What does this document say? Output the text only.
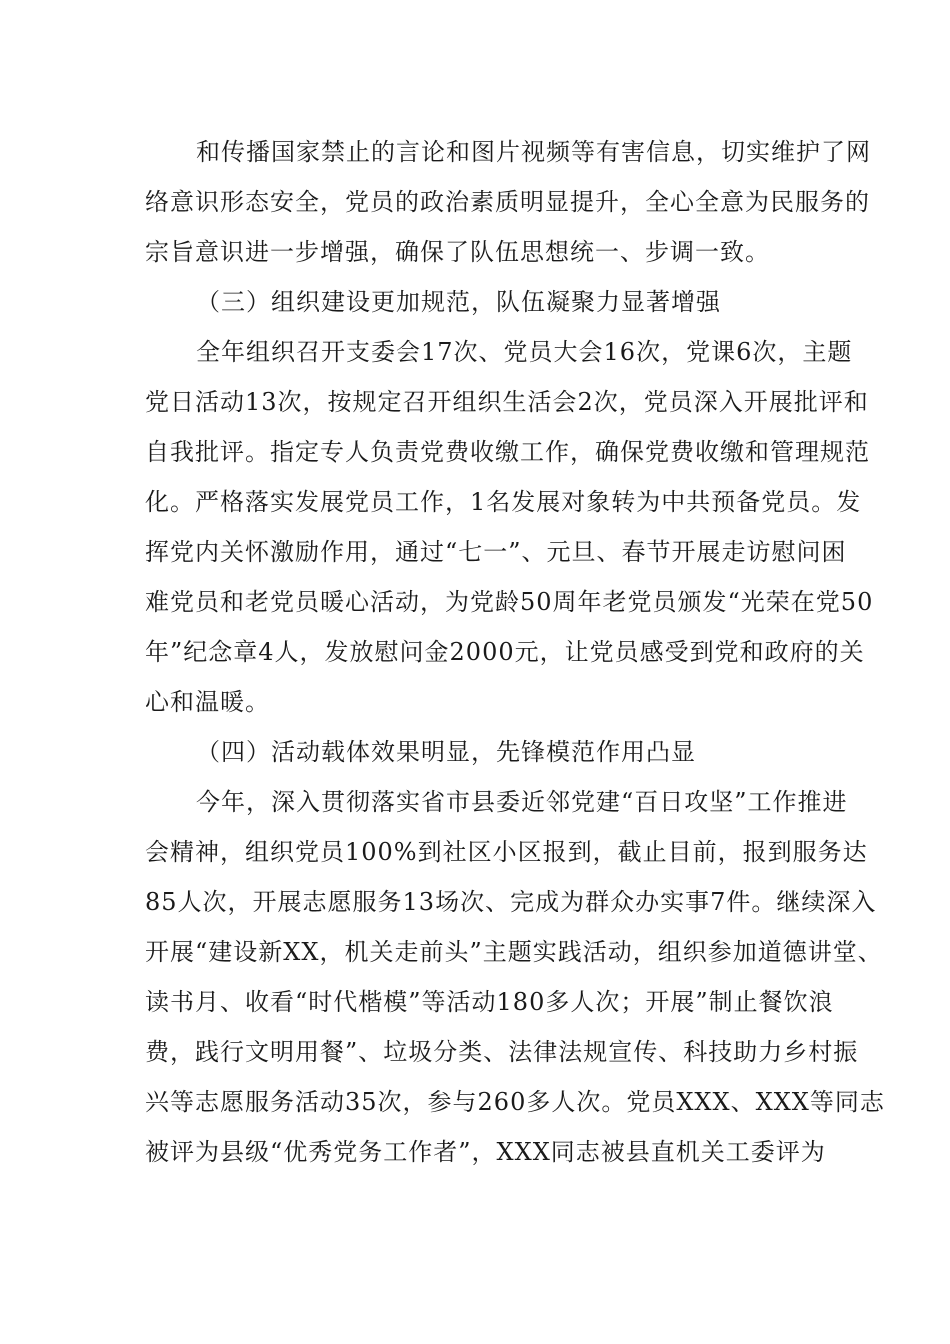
和传播国家禁止的言论和图片视频等有害信息，切实维护了网
络意识形态安全，党员的政治素质明显提升，全心全意为民服务的
宗旨意识进一步增强，确保了队伍思想统一、步调一致。
（三）组织建设更加规范，队伍凝聚力显著增强
全年组织召开支委会17次、党员大会16次，党课6次，主题
党日活动13次，按规定召开组织生活会2次，党员深入开展批评和
自我批评。指定专人负责党费收缴工作，确保党费收缴和管理规范
化。严格落实发展党员工作，1名发展对象转为中共预备党员。发
挥党内关怀激励作用，通过“七一”、元旦、春节开展走访慰问困
难党员和老党员暖心活动，为党龄50周年老党员颁发“光荣在党50
年”纪念章4人，发放慰问金2000元，让党员感受到党和政府的关
心和温暖。
（四）活动载体效果明显，先锋模范作用凸显
今年，深入贯彻落实省市县委近邻党建“百日攻坚”工作推进
会精神，组织党员100%到社区小区报到，截止目前，报到服务达
85人次，开展志愿服务13场次、完成为群众办实事7件。继续深入
开展“建设新XX，机关走前头”主题实践活动，组织参加道德讲堂、
读书月、收看“时代楷模”等活动180多人次；开展”制止餐饮浪
费，践行文明用餐”、垃圾分类、法律法规宣传、科技助力乡村振
兴等志愿服务活动35次，参与260多人次。党员XXX、XXX等同志
被评为县级“优秀党务工作者”，XXX同志被县直机关工委评为
